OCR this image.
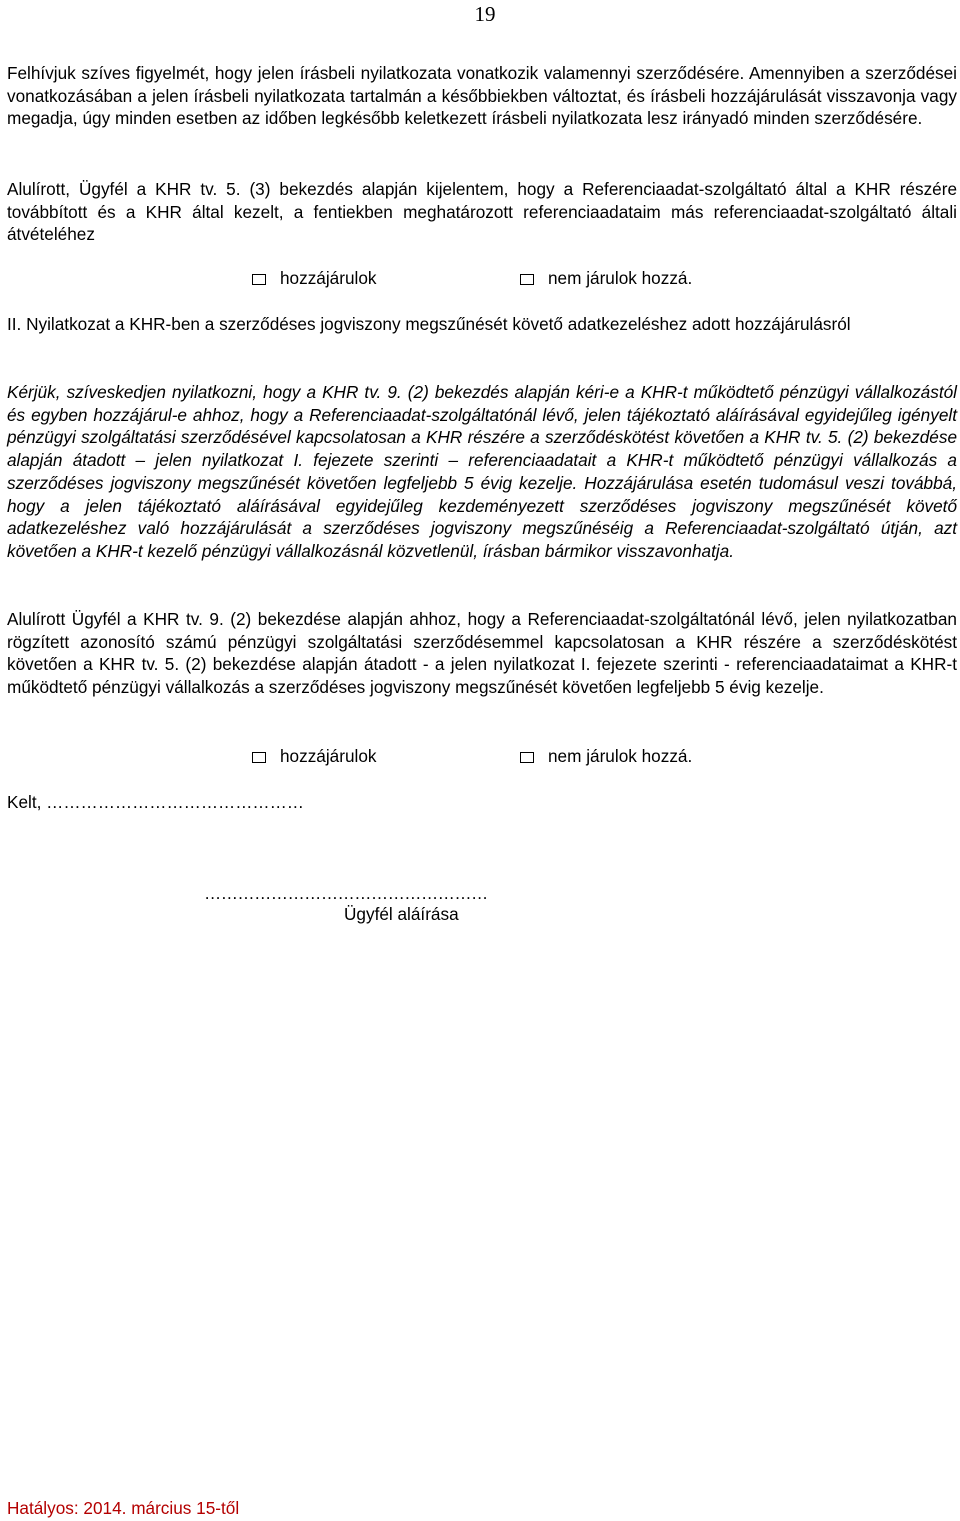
19

Felhívjuk szíves figyelmét, hogy jelen írásbeli nyilatkozata vonatkozik valamennyi szerződésére. Amennyiben a szerződései vonatkozásában a jelen írásbeli nyilatkozata tartalmán a későbbiekben változtat, és írásbeli hozzájárulását visszavonja vagy megadja, úgy minden esetben az időben legkésőbb keletkezett írásbeli nyilatkozata lesz irányadó minden szerződésére.

Alulírott, Ügyfél a KHR tv. 5. (3) bekezdés alapján kijelentem, hogy a Referenciaadat-szolgáltató által a KHR részére továbbított és a KHR által kezelt, a fentiekben meghatározott referenciaadataim más referenciaadat-szolgáltató általi átvételéhez

hozzájárulok	nem járulok hozzá.

II. Nyilatkozat a KHR-ben a szerződéses jogviszony megszűnését követő adatkezeléshez adott hozzájárulásról

Kérjük, szíveskedjen nyilatkozni, hogy a KHR tv. 9. (2) bekezdés alapján kéri-e a KHR-t működtető pénzügyi vállalkozástól és egyben hozzájárul-e ahhoz, hogy a Referenciaadat-szolgáltatónál lévő, jelen tájékoztató aláírásával egyidejűleg igényelt pénzügyi szolgáltatási szerződésével kapcsolatosan a KHR részére a szerződéskötést követően a KHR tv. 5. (2) bekezdése alapján átadott – jelen nyilatkozat I. fejezete szerinti – referenciaadatait a KHR-t működtető pénzügyi vállalkozás a szerződéses jogviszony megszűnését követően legfeljebb 5 évig kezelje. Hozzájárulása esetén tudomásul veszi továbbá, hogy a jelen tájékoztató aláírásával egyidejűleg kezdeményezett szerződéses jogviszony megszűnését követő adatkezeléshez való hozzájárulását a szerződéses jogviszony megszűnéséig a Referenciaadat-szolgáltató útján, azt követően a KHR-t kezelő pénzügyi vállalkozásnál közvetlenül, írásban bármikor visszavonhatja.

Alulírott Ügyfél a KHR tv. 9. (2) bekezdése alapján ahhoz, hogy a Referenciaadat-szolgáltatónál lévő, jelen nyilatkozatban rögzített azonosító számú pénzügyi szolgáltatási szerződésemmel kapcsolatosan a KHR részére a szerződéskötést követően a KHR tv. 5. (2) bekezdése alapján átadott - a jelen nyilatkozat I. fejezete szerinti - referenciaadataimat a KHR-t működtető pénzügyi vállalkozás a szerződéses jogviszony megszűnését követően legfeljebb 5 évig kezelje.

hozzájárulok	nem járulok hozzá.
Kelt, ………………………………………
……………………………………………
Ügyfél aláírása
Hatályos: 2014. március 15-től
